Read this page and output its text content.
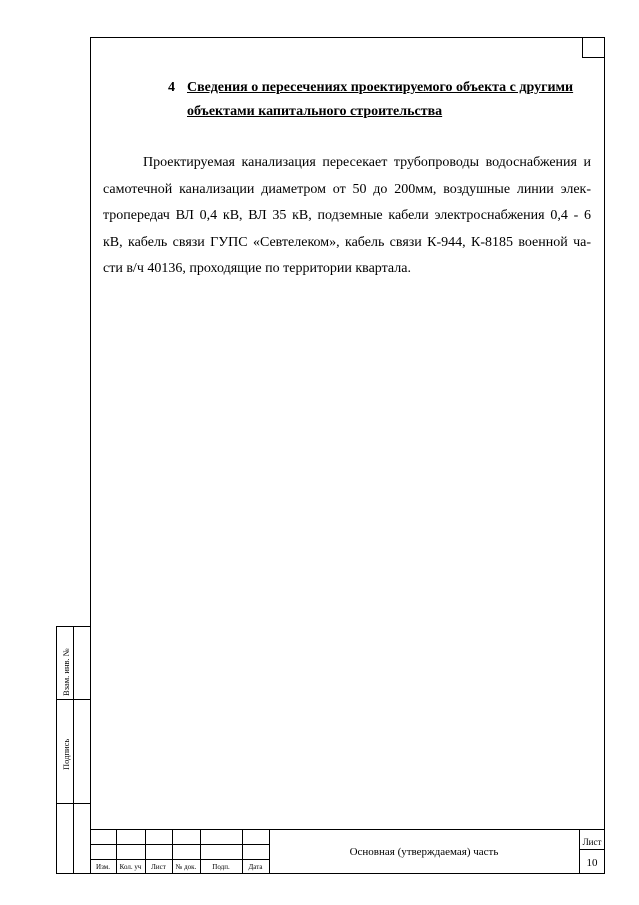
4 Сведения о пересечениях проектируемого объекта с другими
объектами капитального строительства
Проектируемая канализация пересекает трубопроводы водоснабжения и
самотечной канализации диаметром от 50 до 200мм, воздушные линии элек-
тропередач ВЛ 0,4 кВ, ВЛ 35 кВ, подземные кабели электроснабжения 0,4 - 6
кВ, кабель связи ГУПС «Севтелеком», кабель связи К-944, К-8185 военной ча-
сти в/ч 40136, проходящие по территории квартала.
Взам. инв. №
Подпись
Изм.	Кол. уч	Лист	№ док.	Подп.	Дата
Основная (утверждаемая) часть
Лист
10
